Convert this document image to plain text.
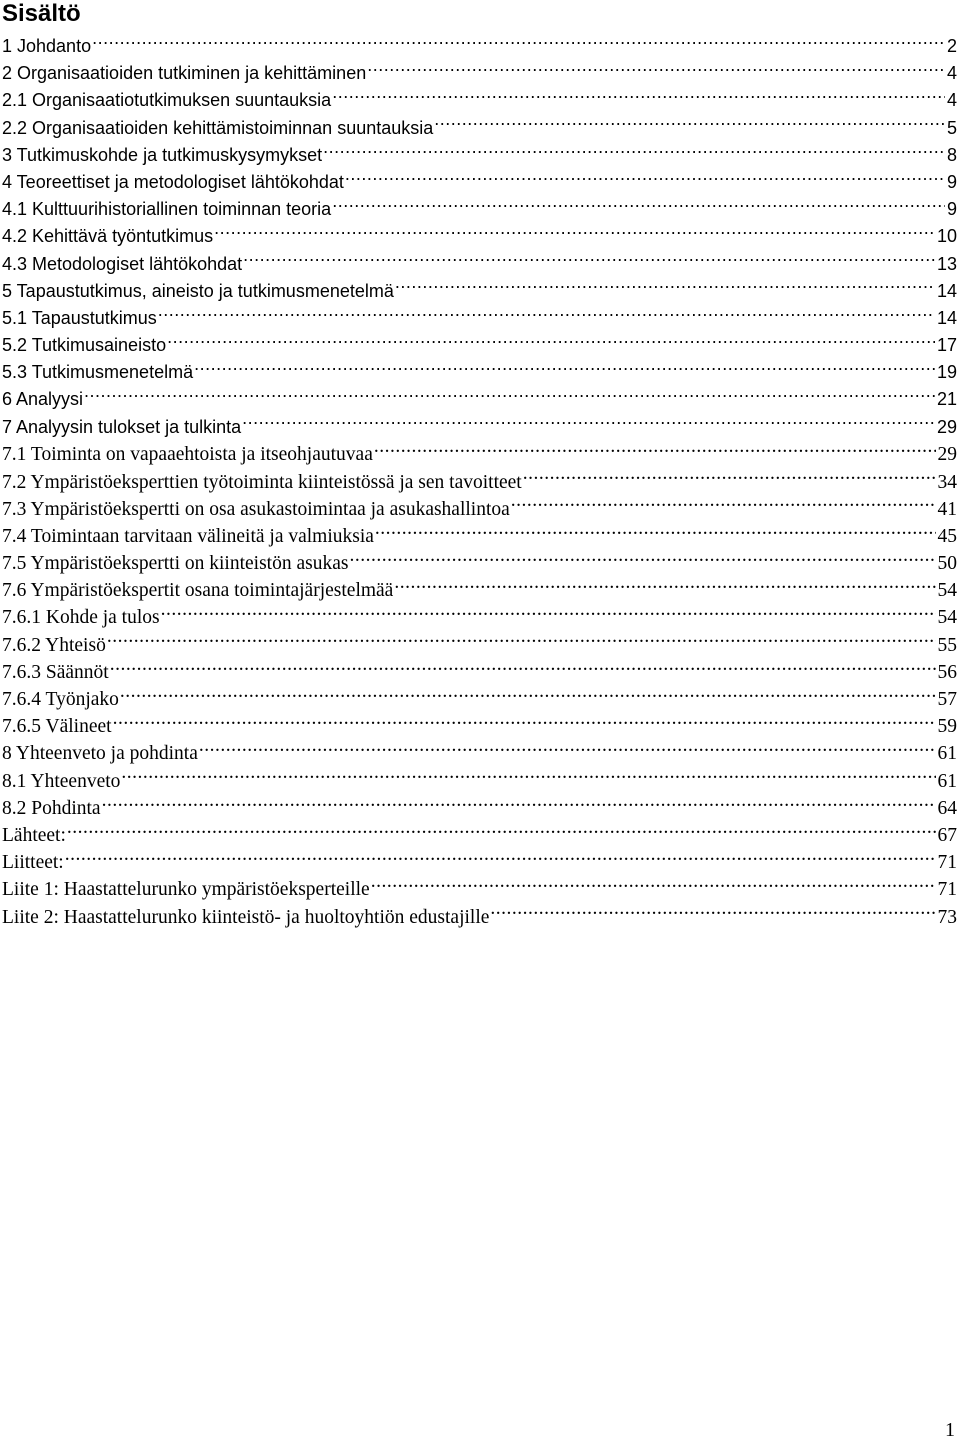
Sisältö
1 Johdanto .....	2
2 Organisaatioiden tutkiminen ja kehittäminen .....	4
2.1 Organisaatiotutkimuksen suuntauksia .....	4
2.2 Organisaatioiden kehittämistoiminnan suuntauksia .....	5
3 Tutkimuskohde ja tutkimuskysymykset .....	8
4 Teoreettiset ja metodologiset lähtökohdat .....	9
4.1 Kulttuurihistoriallinen toiminnan teoria .....	9
4.2 Kehittävä työntutkimus .....	10
4.3 Metodologiset lähtökohdat .....	13
5 Tapaustutkimus, aineisto ja tutkimusmenetelmä .....	14
5.1 Tapaustutkimus .....	14
5.2 Tutkimusaineisto .....	17
5.3 Tutkimusmenetelmä .....	19
6 Analyysi .....	21
7 Analyysin tulokset ja tulkinta .....	29
7.1 Toiminta on vapaaehtoista ja itseohjautuvaa .....	29
7.2 Ympäristöeksperttien työtoiminta kiinteistössä ja sen tavoitteet .....	34
7.3 Ympäristöekspertti on osa asukastoimintaa ja asukashallintoa .....	41
7.4 Toimintaan tarvitaan välineitä ja valmiuksia .....	45
7.5 Ympäristöekspertti on kiinteistön asukas .....	50
7.6 Ympäristöekspertit osana toimintajärjestelmää .....	54
7.6.1 Kohde ja tulos .....	54
7.6.2 Yhteisö .....	55
7.6.3 Säännöt .....	56
7.6.4 Työnjako .....	57
7.6.5 Välineet .....	59
8 Yhteenveto ja pohdinta .....	61
8.1 Yhteenveto .....	61
8.2 Pohdinta .....	64
Lähteet: .....	67
Liitteet: .....	71
Liite 1: Haastattelurunko ympäristöeksperteille .....	71
Liite 2: Haastattelurunko kiinteistö- ja huoltoyhtiön edustajille .....	73
1
